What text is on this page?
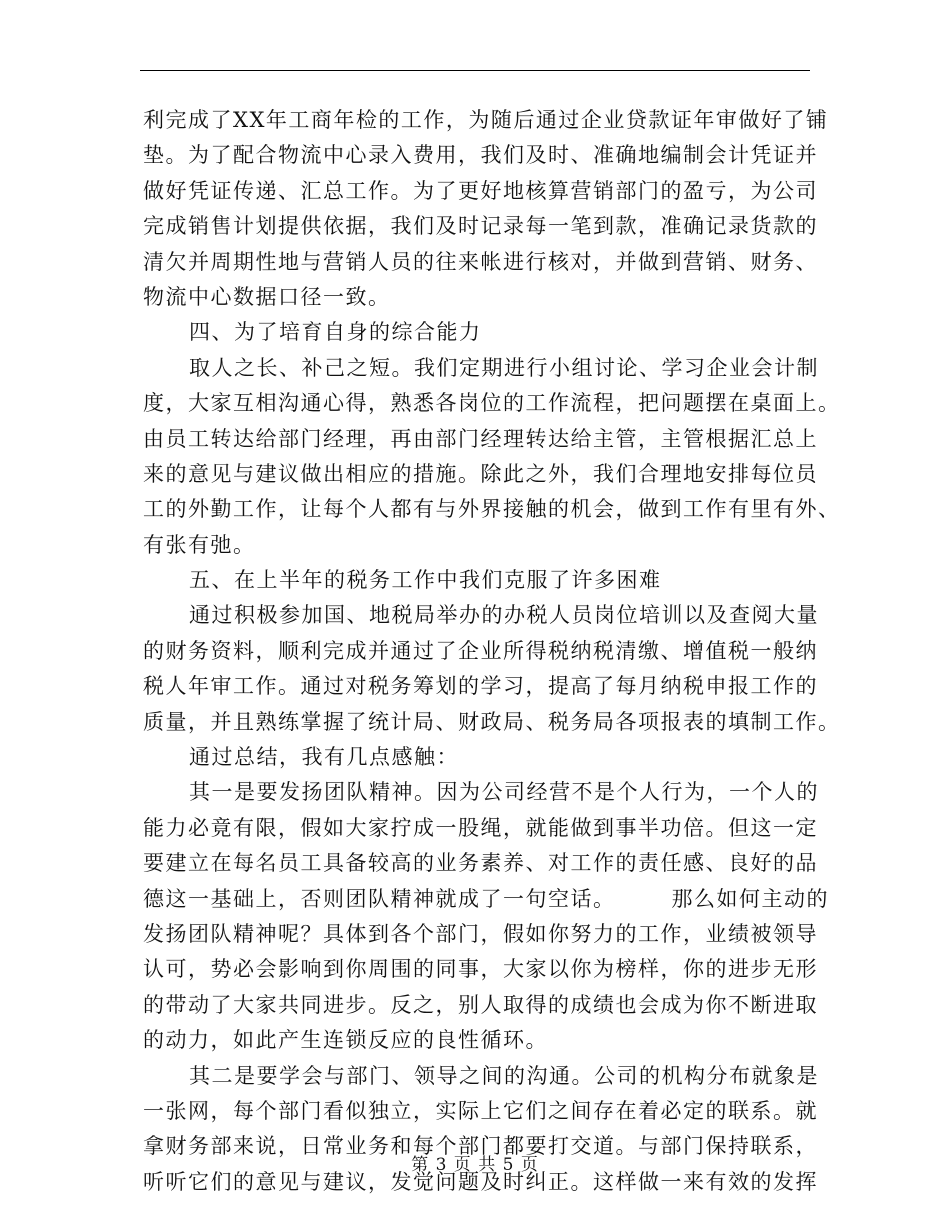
利完成了XX年工商年检的工作，为随后通过企业贷款证年审做好了铺
垫。为了配合物流中心录入费用，我们及时、准确地编制会计凭证并
做好凭证传递、汇总工作。为了更好地核算营销部门的盈亏，为公司
完成销售计划提供依据，我们及时记录每一笔到款，准确记录货款的
清欠并周期性地与营销人员的往来帐进行核对，并做到营销、财务、
物流中心数据口径一致。
四、为了培育自身的综合能力
取人之长、补己之短。我们定期进行小组讨论、学习企业会计制
度，大家互相沟通心得，熟悉各岗位的工作流程，把问题摆在桌面上。
由员工转达给部门经理，再由部门经理转达给主管，主管根据汇总上
来的意见与建议做出相应的措施。除此之外，我们合理地安排每位员
工的外勤工作，让每个人都有与外界接触的机会，做到工作有里有外、
有张有弛。
五、在上半年的税务工作中我们克服了许多困难
通过积极参加国、地税局举办的办税人员岗位培训以及查阅大量
的财务资料，顺利完成并通过了企业所得税纳税清缴、增值税一般纳
税人年审工作。通过对税务筹划的学习，提高了每月纳税申报工作的
质量，并且熟练掌握了统计局、财政局、税务局各项报表的填制工作。
通过总结，我有几点感触：
其一是要发扬团队精神。因为公司经营不是个人行为，一个人的
能力必竟有限，假如大家拧成一股绳，就能做到事半功倍。但这一定
要建立在每名员工具备较高的业务素养、对工作的责任感、良好的品
德这一基础上，否则团队精神就成了一句空话。	那么如何主动的
发扬团队精神呢？具体到各个部门，假如你努力的工作，业绩被领导
认可，势必会影响到你周围的同事，大家以你为榜样，你的进步无形
的带动了大家共同进步。反之，别人取得的成绩也会成为你不断进取
的动力，如此产生连锁反应的良性循环。
其二是要学会与部门、领导之间的沟通。公司的机构分布就象是
一张网，每个部门看似独立，实际上它们之间存在着必定的联系。就
拿财务部来说，日常业务和每个部门都要打交道。与部门保持联系，
听听它们的意见与建议，发觉问题及时纠正。这样做一来有效的发挥
第 3 页 共 5 页
